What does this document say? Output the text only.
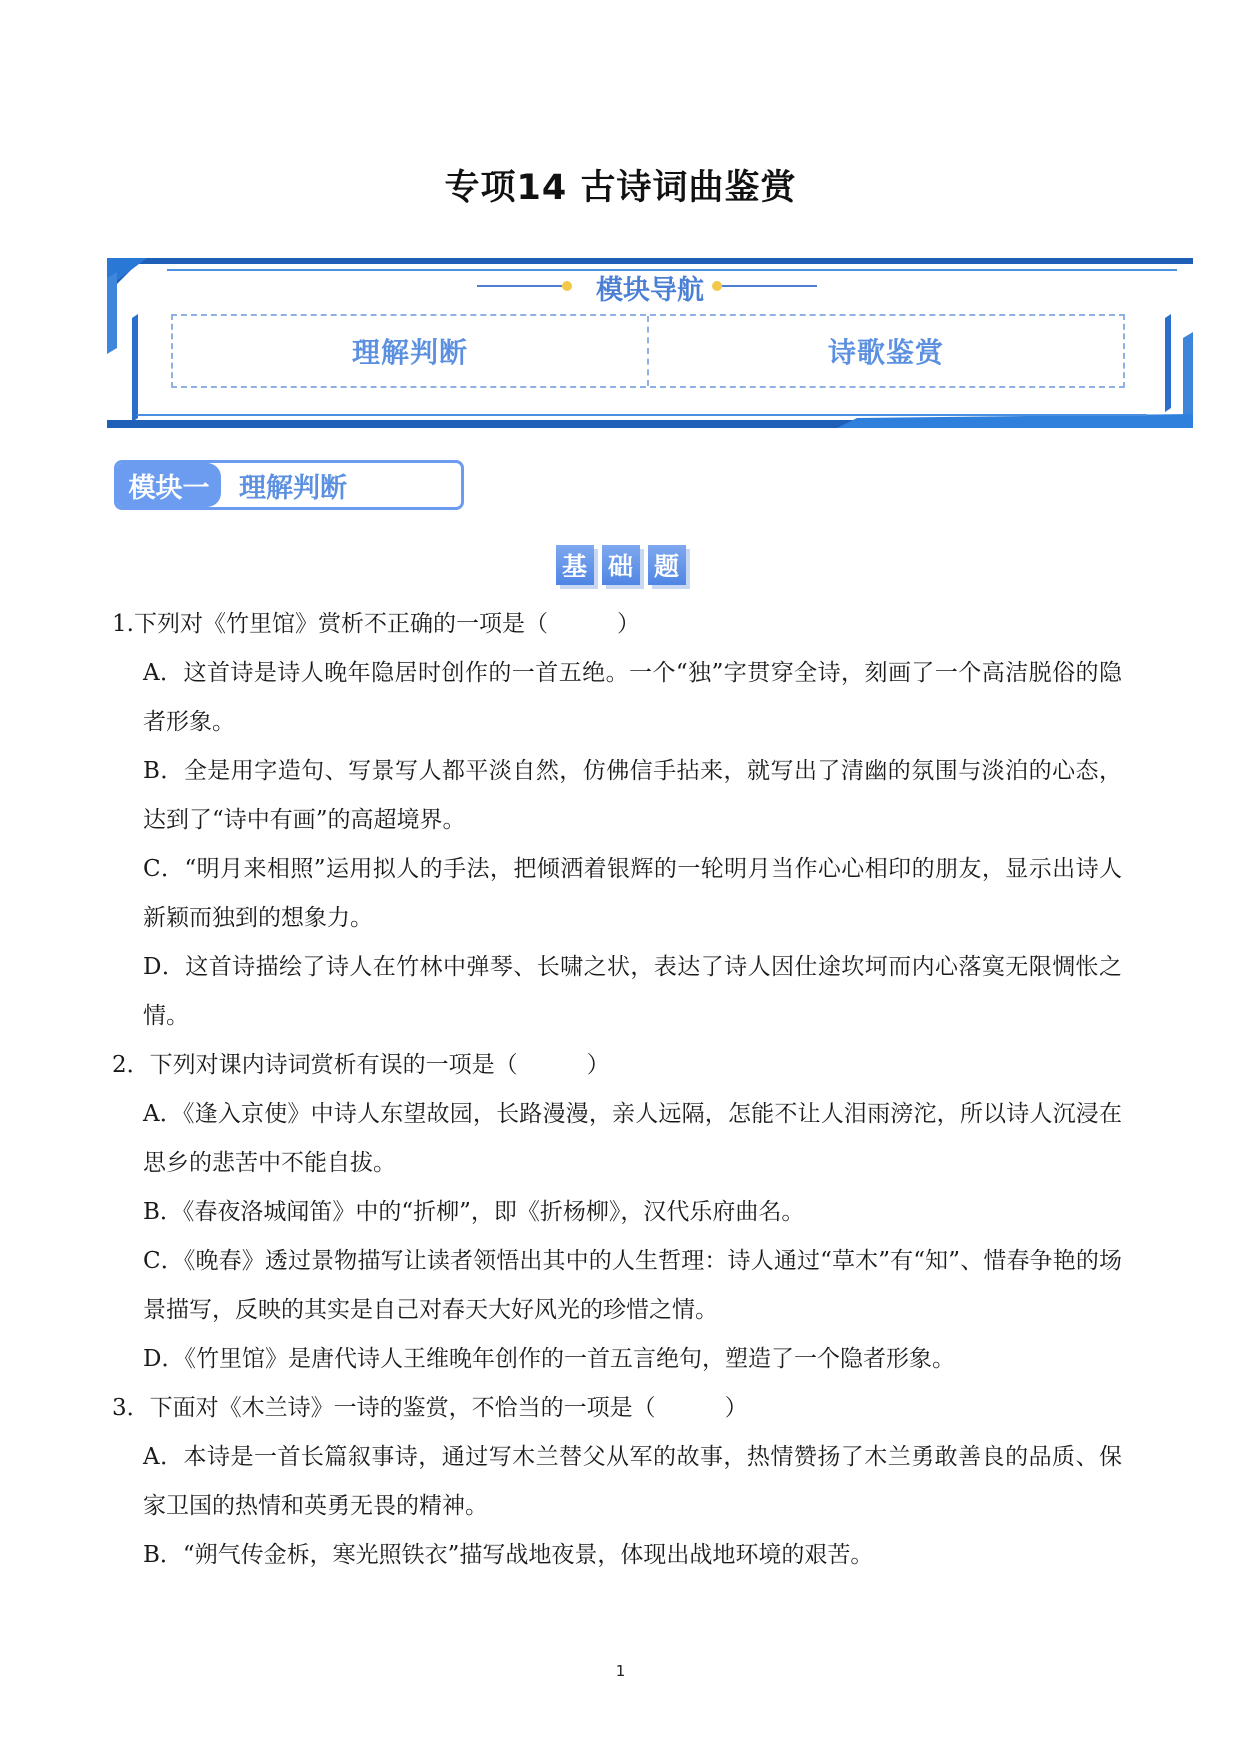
专项14 古诗词曲鉴赏
模块导航
理解判断	诗歌鉴赏
模块一	理解判断
基 础 题

1.下列对《竹里馆》赏析不正确的一项是（　　　）

A．这首诗是诗人晚年隐居时创作的一首五绝。一个“独”字贯穿全诗，刻画了一个高洁脱俗的隐者形象。

B．全是用字造句、写景写人都平淡自然，仿佛信手拈来，就写出了清幽的氛围与淡泊的心态，达到了“诗中有画”的高超境界。

C．“明月来相照”运用拟人的手法，把倾洒着银辉的一轮明月当作心心相印的朋友，显示出诗人新颖而独到的想象力。

D．这首诗描绘了诗人在竹林中弹琴、长啸之状，表达了诗人因仕途坎坷而内心落寞无限惆怅之情。

2．下列对课内诗词赏析有误的一项是（　　　）

A．《逢入京使》中诗人东望故园，长路漫漫，亲人远隔，怎能不让人泪雨滂沱，所以诗人沉浸在思乡的悲苦中不能自拔。

B．《春夜洛城闻笛》中的“折柳”，即《折杨柳》，汉代乐府曲名。

C．《晚春》透过景物描写让读者领悟出其中的人生哲理：诗人通过“草木”有“知”、惜春争艳的场景描写，反映的其实是自己对春天大好风光的珍惜之情。

D．《竹里馆》是唐代诗人王维晚年创作的一首五言绝句，塑造了一个隐者形象。

3．下面对《木兰诗》一诗的鉴赏，不恰当的一项是（　　　）

A．本诗是一首长篇叙事诗，通过写木兰替父从军的故事，热情赞扬了木兰勇敢善良的品质、保家卫国的热情和英勇无畏的精神。

B．“朔气传金柝，寒光照铁衣”描写战地夜景，体现出战地环境的艰苦。

1
